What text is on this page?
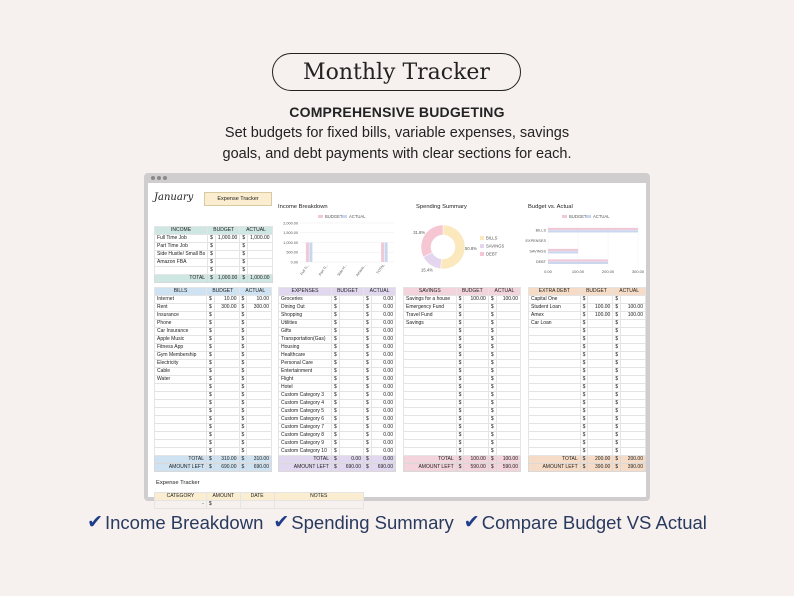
Monthly Tracker
COMPREHENSIVE BUDGETING
Set budgets for fixed bills, variable expenses, savings
goals, and debt payments with clear sections for each.
January	Expense Tracker
INCOME	BUDGET		ACTUAL	
Full Time Job	$	1,000.00	$	1,000.00
Part Time Job	$		$	
Side Hustle/ Small Bs	$		$	
Amazon FBA	$		$	
	$		$	
TOTAL	$	1,000.00	$	1,000.00
Income Breakdown
BUDGET ACTUAL
2,000.00
1,500.00
1,000.00
500.00
0.00
Full Ti... Part Ti... Side H... Amazo...	TOTAL
Spending Summary
50.8%
15.4%
31.8%
BILLS
SAVINGS
DEBT
Budget vs. Actual
BUDGET ACTUAL
0.00	100.00	200.00	300.00
BILLS
EXPENSES
SAVINGS
DEBT
BILLS	BUDGET		ACTUAL	
Internet	$	10.00	$	10.00
Rent	$	300.00	$	300.00
Insurance	$		$	
Phone	$		$	
Car Insurance	$		$	
Apple Music	$		$	
Fitness App	$		$	
Gym Membership	$		$	
Electricity	$		$	
Cable	$		$	
Water	$		$	
	$		$	
	$		$	
	$		$	
	$		$	
	$		$	
	$		$	
	$		$	
	$		$	
	$		$	
TOTAL	$	310.00	$	310.00
AMOUNT LEFT	$	690.00	$	690.00
EXPENSES	BUDGET		ACTUAL	
Groceries	$		$	0.00
Dining Out	$		$	0.00
Shopping	$		$	0.00
Utilities	$		$	0.00
Gifts	$		$	0.00
Transportation(Gas)	$		$	0.00
Housing	$		$	0.00
Healthcare	$		$	0.00
Personal Care	$		$	0.00
Entertainment	$		$	0.00
Flight	$		$	0.00
Hotel	$		$	0.00
Custom Category 3	$		$	0.00
Custom Category 4	$		$	0.00
Custom Category 5	$		$	0.00
Custom Category 6	$		$	0.00
Custom Category 7	$		$	0.00
Custom Category 8	$		$	0.00
Custom Category 9	$		$	0.00
Custom Category 10	$		$	0.00
TOTAL	$	0.00	$	0.00
AMOUNT LEFT	$	690.00	$	690.00
SAVINGS	BUDGET		ACTUAL	
Savings for a house	$	100.00	$	100.00
Emergency Fund	$		$	
Travel Fund	$		$	
Savings	$		$	
	$		$	
	$		$	
	$		$	
	$		$	
	$		$	
	$		$	
	$		$	
	$		$	
	$		$	
	$		$	
	$		$	
	$		$	
	$		$	
	$		$	
	$		$	
	$		$	
TOTAL	$	100.00	$	100.00
AMOUNT LEFT	$	590.00	$	590.00
EXTRA DEBT	BUDGET		ACTUAL	
Capital One	$		$	
Student Loan	$	100.00	$	100.00
Amex	$	100.00	$	100.00
Car Loan	$		$	
	$		$	
	$		$	
	$		$	
	$		$	
	$		$	
	$		$	
	$		$	
	$		$	
	$		$	
	$		$	
	$		$	
	$		$	
	$		$	
	$		$	
	$		$	
	$		$	
TOTAL	$	200.00	$	200.00
AMOUNT LEFT	$	390.00	$	390.00
Expense Tracker
CATEGORY	AMOUNT	DATE	NOTES
-	$		
✔ Income Breakdown ✔ Spending Summary ✔ Compare Budget VS Actual
